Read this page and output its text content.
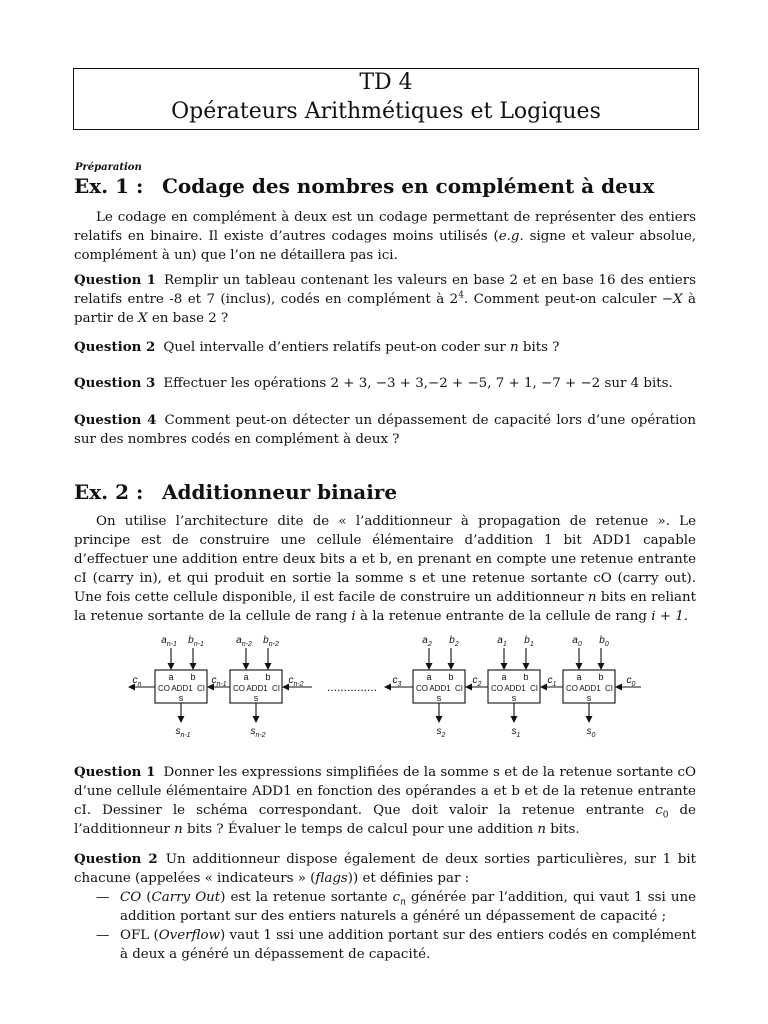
TD 4
Opérateurs Arithmétiques et Logiques
Préparation
Ex. 1 : Codage des nombres en complément à deux
Le codage en complément à deux est un codage permettant de représenter des entiers relatifs en binaire. Il existe d’autres codages moins utilisés (e.g. signe et valeur absolue, complément à un) que l’on ne détaillera pas ici.
Question 1 Remplir un tableau contenant les valeurs en base 2 et en base 16 des entiers relatifs entre -8 et 7 (inclus), codés en complément à $2^4$. Comment peut-on calculer −X à partir de X en base 2 ?
Question 2 Quel intervalle d’entiers relatifs peut-on coder sur n bits ?
Question 3 Effectuer les opérations 2 + 3, −3 + 3,−2 + −5, 7 + 1, −7 + −2 sur 4 bits.
Question 4 Comment peut-on détecter un dépassement de capacité lors d’une opération sur des nombres codés en complément à deux ?
Ex. 2 : Additionneur binaire
On utilise l’architecture dite de « l’additionneur à propagation de retenue ». Le principe est de construire une cellule élémentaire d’addition 1 bit ADD1 capable d’effectuer une addition entre deux bits a et b, en prenant en compte une retenue entrante cI (carry in), et qui produit en sortie la somme s et une retenue sortante cO (carry out). Une fois cette cellule disponible, il est facile de construire un additionneur n bits en reliant la retenue sortante de la cellule de rang i à la retenue entrante de la cellule de rang i + 1.
a b
CO ADD1 CI
s
$a_{n-1}$ $b_{n-1}$
$s_{n-1}$
$c_{n-1}$
a b
CO ADD1 CI
s
$a_{n-2}$ $b_{n-2}$
$s_{n-2}$
$c_{n-2}$
a b
CO ADD1 CI
s
$a_2$ $b_2$
$s_2$
$c_2$
a b
CO ADD1 CI
s
$a_1$ $b_1$
$s_1$
$c_1$
a b
CO ADD1 CI
s
$a_0$ $b_0$
$s_0$
$c_0$
$c_n$	$c_3$
...............
Question 1 Donner les expressions simplifiées de la somme s et de la retenue sortante cO d’une cellule élémentaire ADD1 en fonction des opérandes a et b et de la retenue entrante cI. Dessiner le schéma correspondant. Que doit valoir la retenue entrante $c_0$ de l’additionneur n bits ? Évaluer le temps de calcul pour une addition n bits.
Question 2 Un additionneur dispose également de deux sorties particulières, sur 1 bit chacune (appelées « indicateurs » (flags)) et définies par :
— CO (Carry Out) est la retenue sortante $c_n$ générée par l’addition, qui vaut 1 ssi une addition portant sur des entiers naturels a généré un dépassement de capacité ;
— OFL (Overflow) vaut 1 ssi une addition portant sur des entiers codés en complément à deux a généré un dépassement de capacité.
